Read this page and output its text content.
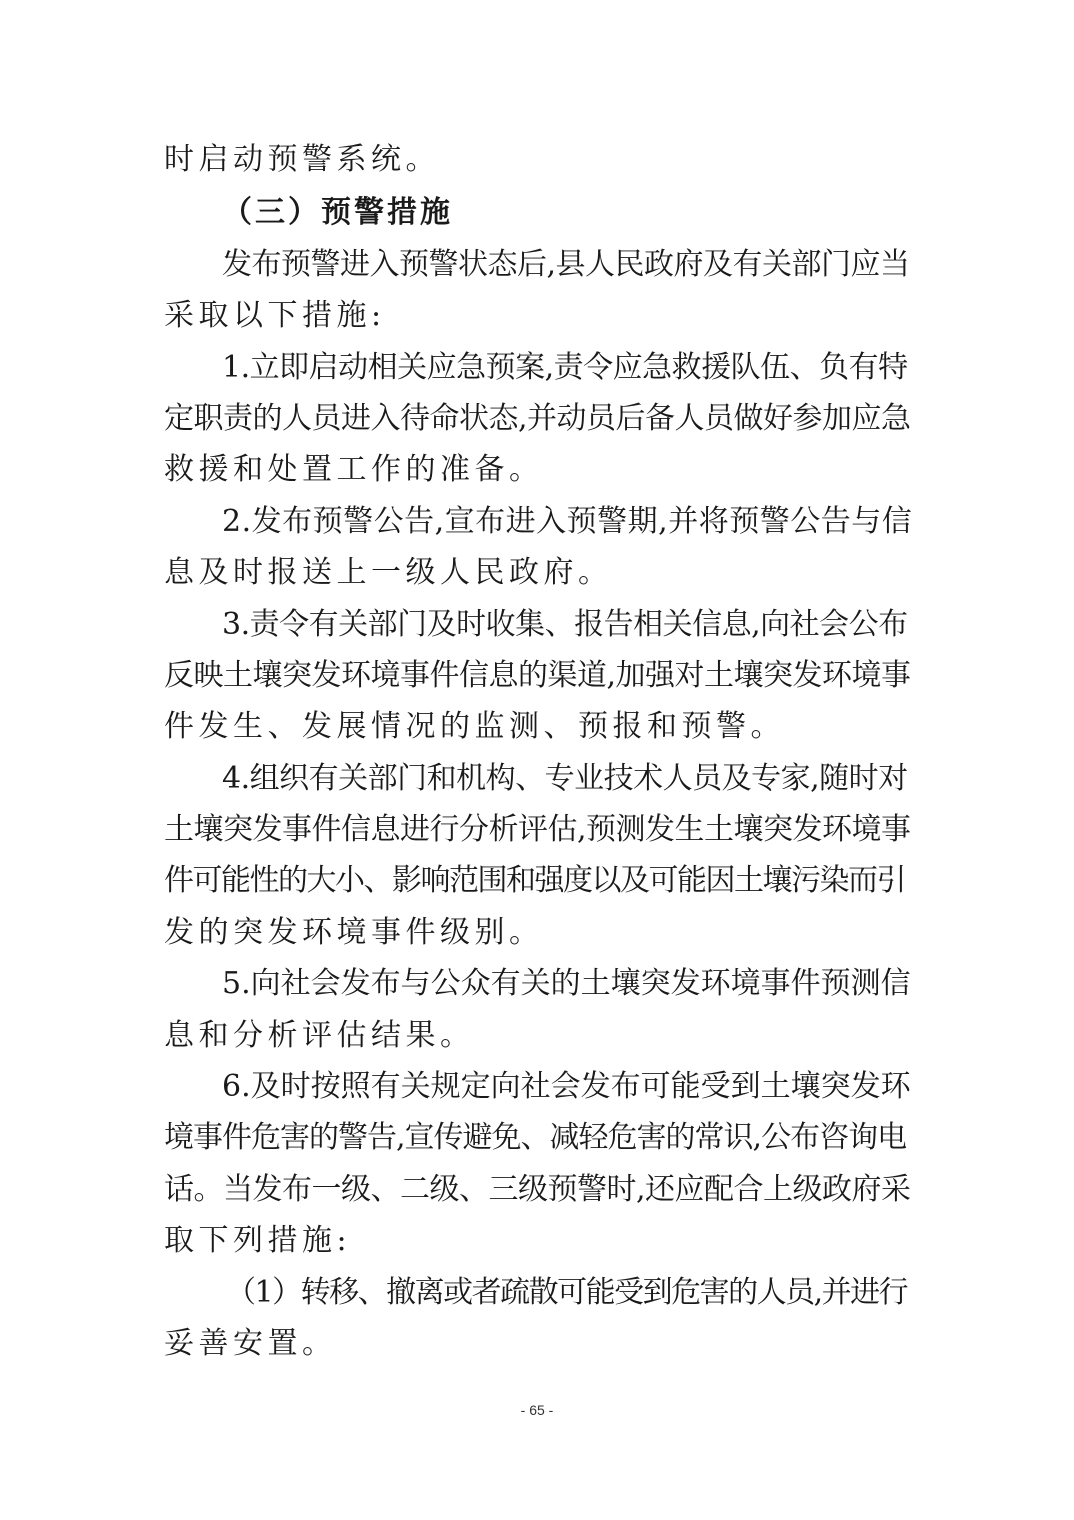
时启动预警系统。
（三）预警措施
发布预警进入预警状态后,县人民政府及有关部门应当
采取以下措施:
1.立即启动相关应急预案,责令应急救援队伍、负有特
定职责的人员进入待命状态,并动员后备人员做好参加应急
救援和处置工作的准备。
2.发布预警公告,宣布进入预警期,并将预警公告与信
息及时报送上一级人民政府。
3.责令有关部门及时收集、报告相关信息,向社会公布
反映土壤突发环境事件信息的渠道,加强对土壤突发环境事
件发生、发展情况的监测、预报和预警。
4.组织有关部门和机构、专业技术人员及专家,随时对
土壤突发事件信息进行分析评估,预测发生土壤突发环境事
件可能性的大小、影响范围和强度以及可能因土壤污染而引
发的突发环境事件级别。
5.向社会发布与公众有关的土壤突发环境事件预测信
息和分析评估结果。
6.及时按照有关规定向社会发布可能受到土壤突发环
境事件危害的警告,宣传避免、减轻危害的常识,公布咨询电
话。当发布一级、二级、三级预警时,还应配合上级政府采
取下列措施:
（1）转移、撤离或者疏散可能受到危害的人员,并进行
妥善安置。
- 65 -
